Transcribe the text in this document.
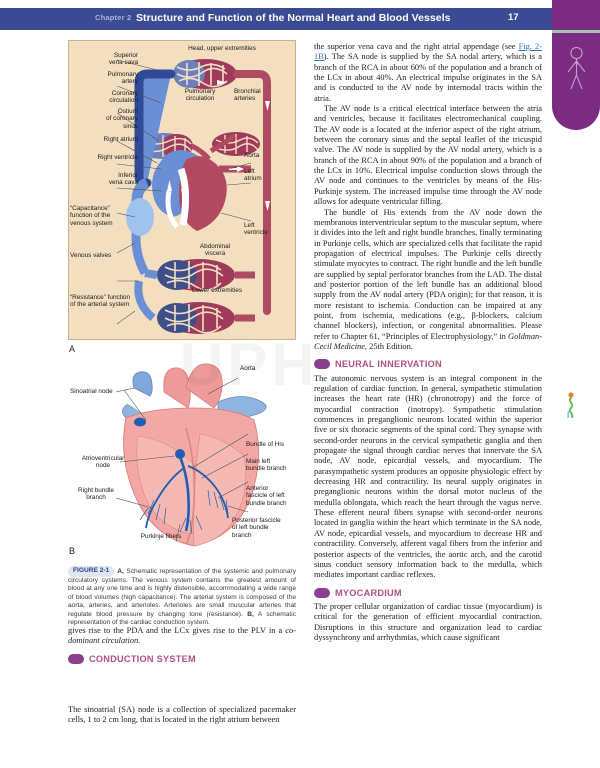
Chapter 2 Structure and Function of the Normal Heart and Blood Vessels	17
?
Superior
vena cava
Pulmonary
artery
Coronary
circulation
Ostium
of coronary
sinus
Right atrium
Right ventricle
Inferior
vena cava
“Capacitance”
function of the
venous system
Venous valves
“Resistance” function
of the arterial system
Head, upper extremities
Pulmonary
circulation
Bronchial
arteries
Aorta
Left
atrium
Left
ventricle
Abdominal
viscera
Lower extremities
A
Sinoatrial node
Atrioventricular
node
Right bundle
branch
Purkinje fibers
Aorta
Bundle of His
Main left
bundle branch
Anterior
fascicle of left
bundle branch
Posterior fascicle
of left bundle
branch
B
FIGURE 2-1 A, Schematic representation of the systemic and pulmonary circulatory systems. The venous system contains the greatest amount of blood at any one time and is highly distensible, accommodating a wide range of blood volumes (high capacitance). The arterial system is composed of the aorta, arteries, and arterioles. Arterioles are small muscular arteries that regulate blood pressure by changing tone (resistance). B, A schematic representation of the cardiac conduction system.

gives rise to the PDA and the LCx gives rise to the PLV in a co-dominant circulation.

CONDUCTION SYSTEM

The sinoatrial (SA) node is a collection of specialized pacemaker cells, 1 to 2 cm long, that is located in the right atrium between

the superior vena cava and the right atrial appendage (see Fig. 2-1B). The SA node is supplied by the SA nodal artery, which is a branch of the RCA in about 60% of the population and a branch of the LCx in about 40%. An electrical impulse originates in the SA and is conducted to the AV node by internodal tracts within the atria.

The AV node is a critical electrical interface between the atria and ventricles, because it facilitates electromechanical coupling. The AV node is a located at the inferior aspect of the right atrium, between the coronary sinus and the septal leaflet of the tricuspid valve. The AV node is supplied by the AV nodal artery, which is a branch of the RCA in about 90% of the population and a branch of the LCx in 10%. Electrical impulse conduction slows through the AV node and continues to the ventricles by means of the His-Purkinje system. The increased impulse time through the AV node allows for adequate ventricular filling.

The bundle of His extends from the AV node down the membranous interventricular septum to the muscular septum, where it divides into the left and right bundle branches, finally terminating in Purkinje cells, which are specialized cells that facilitate the rapid propagation of electrical impulses. The Purkinje cells directly stimulate myocytes to contract. The right bundle and the left bundle are supplied by septal perforator branches from the LAD. The distal and posterior portion of the left bundle has an additional blood supply from the AV nodal artery (PDA origin); for that reason, it is more resistant to ischemia. Conduction can be impaired at any point, from ischemia, medications (e.g., β-blockers, calcium channel blockers), infection, or congenital abnormalities. Please refer to Chapter 61, “Principles of Electrophysiology,” in Goldman-Cecil Medicine, 25th Edition.

NEURAL INNERVATION

The autonomic nervous system is an integral component in the regulation of cardiac function. In general, sympathetic stimulation increases the heart rate (HR) (chronotropy) and the force of myocardial contraction (inotropy). Sympathetic stimulation commences in preganglionic neurons located within the superior five or six thoracic segments of the spinal cord. They synapse with second-order neurons in the cervical sympathetic ganglia and then propagate the signal through cardiac nerves that innervate the SA node, AV node, epicardial vessels, and myocardium. The parasympathetic system produces an opposite physiologic effect by decreasing HR and contractility. Its neural supply originates in preganglionic neurons within the dorsal motor nucleus of the medulla oblongata, which reach the heart through the vagus nerve. These efferent neural fibers synapse with second-order neurons located in ganglia within the heart which terminate in the SA node, AV node, epicardial vessels, and myocardium to decrease HR and contractility. Conversely, afferent vagal fibers from the inferior and posterior aspects of the ventricles, the aortic arch, and the carotid sinus conduct sensory information back to the medulla, which mediates important cardiac reflexes.

MYOCARDIUM

The proper cellular organization of cardiac tissue (myocardium) is critical for the generation of efficient myocardial contraction. Disruptions in this structure and organization lead to cardiac dyssynchrony and arrhythmias, which cause significant
